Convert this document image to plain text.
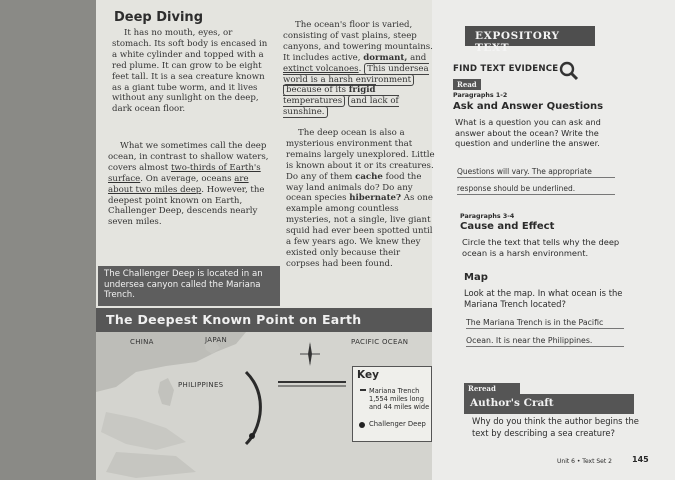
Deep Diving
It has no mouth, eyes, or stomach. Its soft body is encased in a white cylinder and topped with a red plume. It can grow to be eight feet tall. It is a sea creature known as a giant tube worm, and it lives without any sunlight on the deep, dark ocean floor.
What we sometimes call the deep ocean, in contrast to shallow waters, covers almost two-thirds of Earth's surface. On average, oceans are about two miles deep. However, the deepest point known on Earth, Challenger Deep, descends nearly seven miles.
The ocean's floor is varied, consisting of vast plains, steep canyons, and towering mountains. It includes active, dormant, and extinct volcanoes. This undersea world is a harsh environment because of its frigid temperatures and lack of sunshine.
The deep ocean is also a mysterious environment that remains largely unexplored. Little is known about it or its creatures. Do any of them cache food the way land animals do? Do any ocean species hibernate? As one example among countless mysteries, not a single, live giant squid had ever been spotted until a few years ago. We knew they existed only because their corpses had been found.
The Challenger Deep is located in an undersea canyon called the Mariana Trench.
The Deepest Known Point on Earth
CHINA	JAPAN	PACIFIC OCEAN
PHILIPPINES
Key
Mariana Trench 1,554 miles long and 44 miles wide
Challenger Deep
EXPOSITORY TEXT
FIND TEXT EVIDENCE
Read
Paragraphs 1-2
Ask and Answer Questions
What is a question you can ask and answer about the ocean? Write the question and underline the answer.
Questions will vary. The appropriate
response should be underlined.
Paragraphs 3-4
Cause and Effect
Circle the text that tells why the deep ocean is a harsh environment.
Map
Look at the map. In what ocean is the Mariana Trench located?
The Mariana Trench is in the Pacific
Ocean. It is near the Philippines.
Reread
Author's Craft
Why do you think the author begins the text by describing a sea creature?
Unit 6 • Text Set 2	145
